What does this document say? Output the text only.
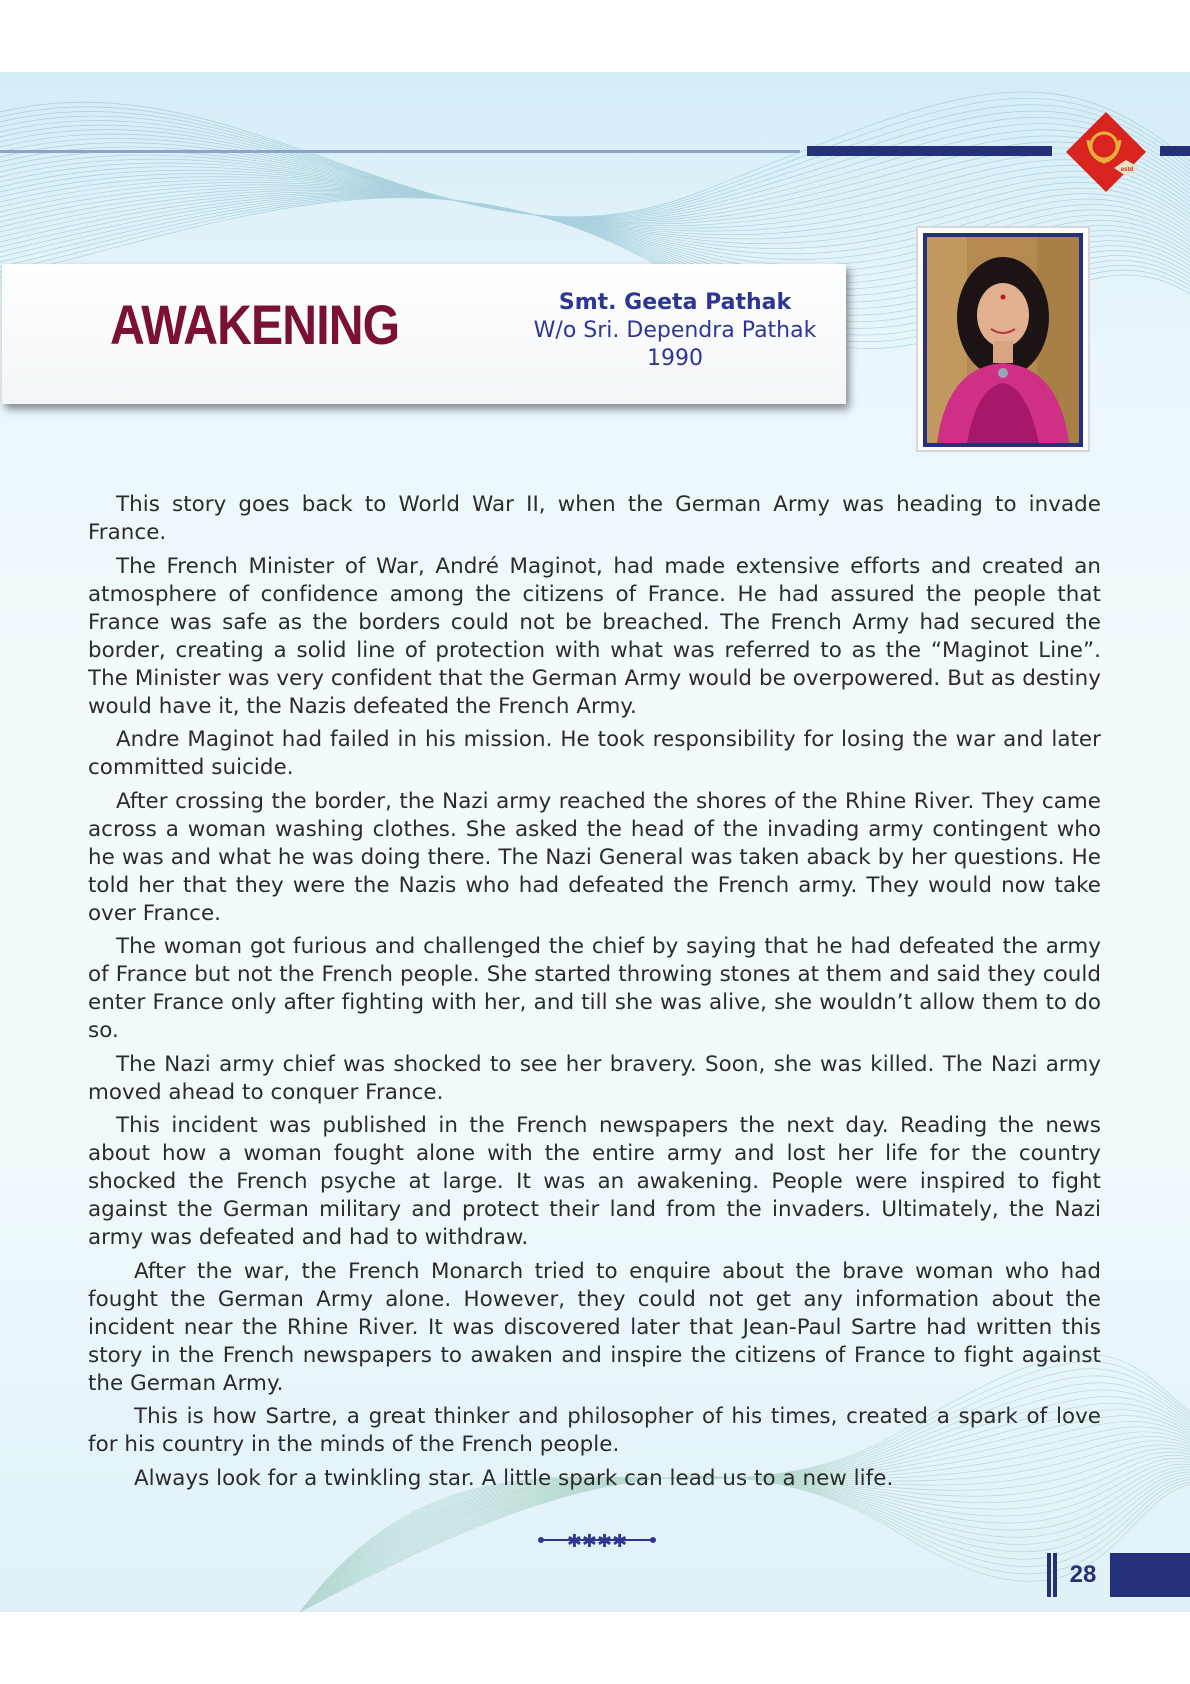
estd
AWAKENING	Smt. Geeta Pathak
W/o Sri. Dependra Pathak
1990

This story goes back to World War II, when the German Army was heading to invade France.

The French Minister of War, André Maginot, had made extensive efforts and created an atmosphere of confidence among the citizens of France. He had assured the people that France was safe as the borders could not be breached. The French Army had secured the border, creating a solid line of protection with what was referred to as the “Maginot Line”. The Minister was very confident that the German Army would be overpowered. But as destiny would have it, the Nazis defeated the French Army.

Andre Maginot had failed in his mission. He took responsibility for losing the war and later committed suicide.

After crossing the border, the Nazi army reached the shores of the Rhine River. They came across a woman washing clothes. She asked the head of the invading army contingent who he was and what he was doing there. The Nazi General was taken aback by her questions. He told her that they were the Nazis who had defeated the French army. They would now take over France.

The woman got furious and challenged the chief by saying that he had defeated the army of France but not the French people. She started throwing stones at them and said they could enter France only after fighting with her, and till she was alive, she wouldn’t allow them to do so.

The Nazi army chief was shocked to see her bravery. Soon, she was killed. The Nazi army moved ahead to conquer France.

This incident was published in the French newspapers the next day. Reading the news about how a woman fought alone with the entire army and lost her life for the country shocked the French psyche at large. It was an awakening. People were inspired to fight against the German military and protect their land from the invaders. Ultimately, the Nazi army was defeated and had to withdraw.

After the war, the French Monarch tried to enquire about the brave woman who had fought the German Army alone. However, they could not get any information about the incident near the Rhine River. It was discovered later that Jean-Paul Sartre had written this story in the French newspapers to awaken and inspire the citizens of France to fight against the German Army.

This is how Sartre, a great thinker and philosopher of his times, created a spark of love for his country in the minds of the French people.

Always look for a twinkling star. A little spark can lead us to a new life.

✱✱✱✱
28
